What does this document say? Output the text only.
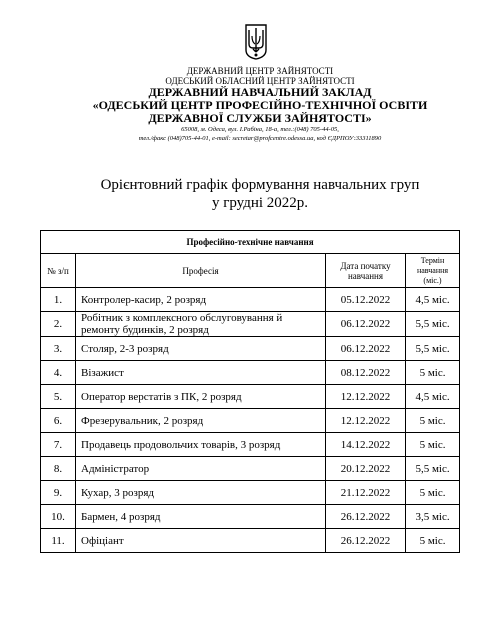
ДЕРЖАВНИЙ ЦЕНТР ЗАЙНЯТОСТІ
ОДЕСЬКИЙ ОБЛАСНИЙ ЦЕНТР ЗАЙНЯТОСТІ
ДЕРЖАВНИЙ НАВЧАЛЬНИЙ ЗАКЛАД
«ОДЕСЬКИЙ ЦЕНТР ПРОФЕСІЙНО-ТЕХНІЧНОЇ ОСВІТИ
ДЕРЖАВНОЇ СЛУЖБИ ЗАЙНЯТОСТІ»
65008, м. Одеса, вул. І.Рабіна, 18-а, тел.:(048) 705-44-05,
тел./факс (048)705-44-01, e-mail: secretar@profcentre.odessa.ua, код ЄДРПОУ:33311890
Орієнтовний графік формування навчальних груп
у грудні 2022р.
Професійно-технічне навчання			
№ з/п	Професія	Дата початку навчання	Термін навчання (міс.)
1.	Контролер-касир, 2 розряд	05.12.2022	4,5 міс.
2.	Робітник з комплексного обслуговування й ремонту будинків, 2 розряд	06.12.2022	5,5 міс.
3.	Столяр, 2-3 розряд	06.12.2022	5,5 міс.
4.	Візажист	08.12.2022	5 міс.
5.	Оператор верстатів з ПК, 2 розряд	12.12.2022	4,5 міс.
6.	Фрезерувальник, 2 розряд	12.12.2022	5 міс.
7.	Продавець продовольчих товарів, 3 розряд	14.12.2022	5 міс.
8.	Адміністратор	20.12.2022	5,5 міс.
9.	Кухар, 3 розряд	21.12.2022	5 міс.
10.	Бармен, 4 розряд	26.12.2022	3,5 міс.
11.	Офіціант	26.12.2022	5 міс.
